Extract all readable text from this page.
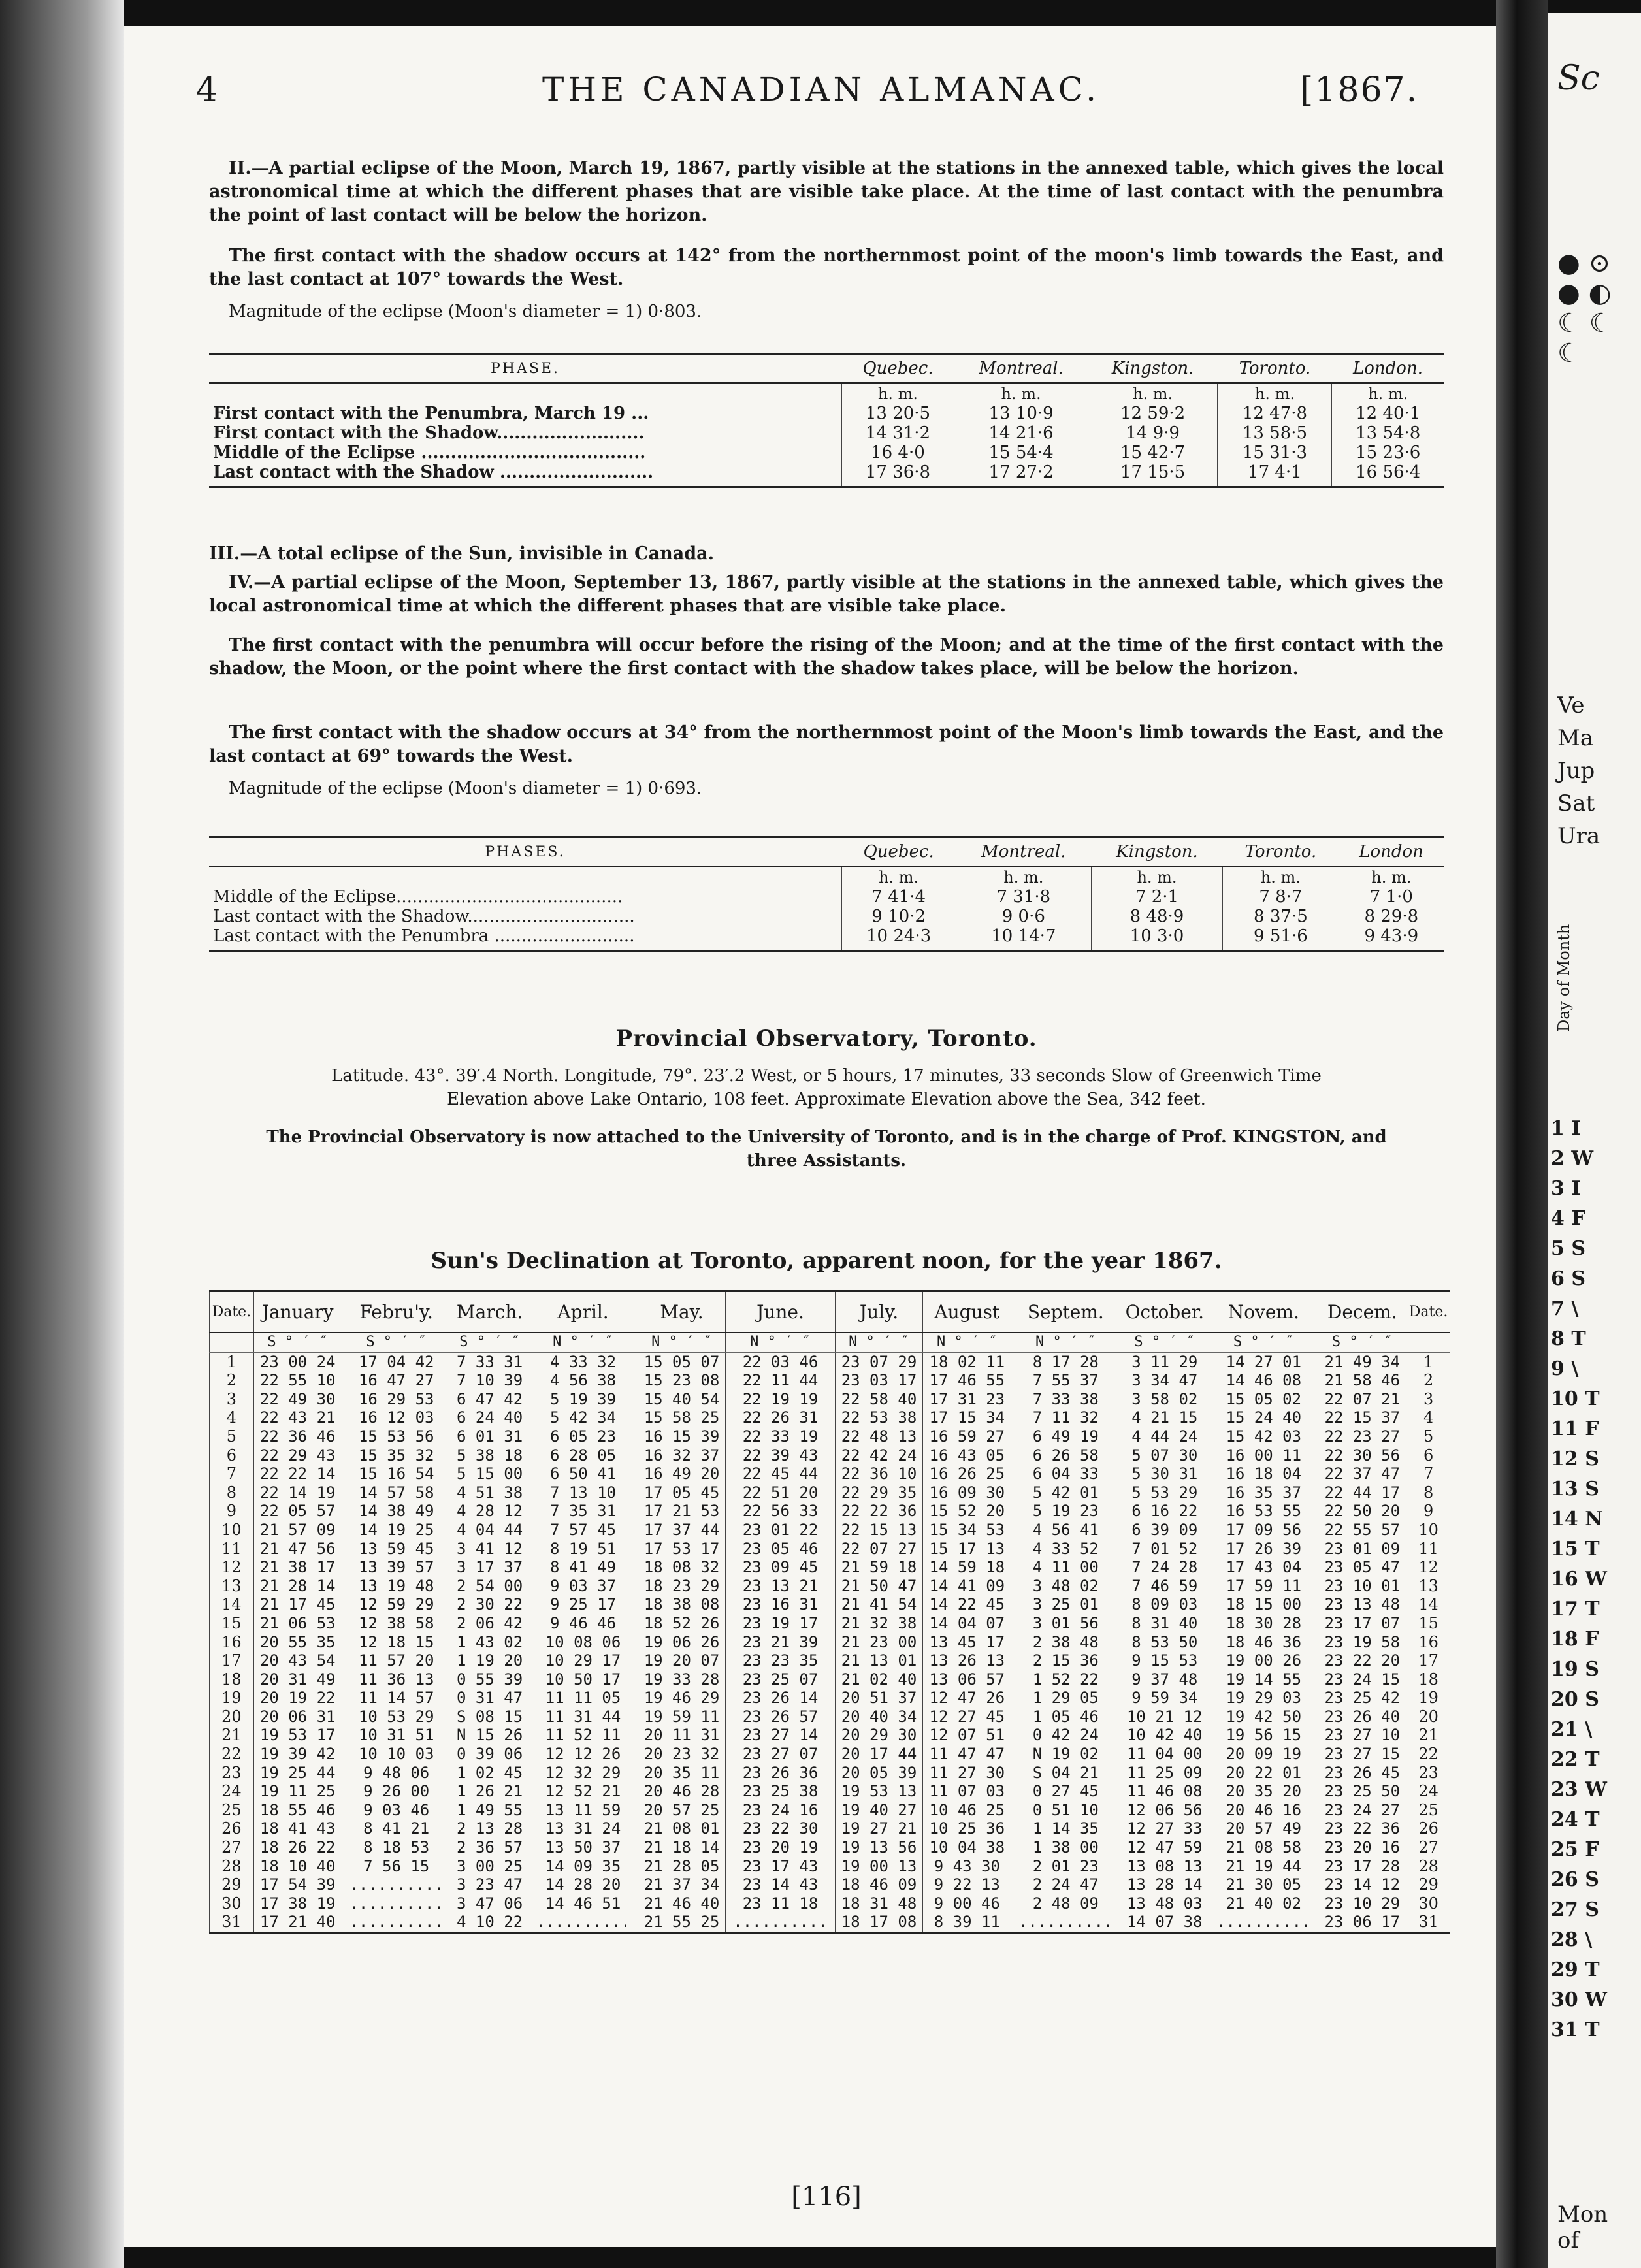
4	THE CANADIAN ALMANAC.	[1867.
II.—A partial eclipse of the Moon, March 19, 1867, partly visible at the stations in the annexed table, which gives the local astronomical time at which the different phases that are visible take place. At the time of last contact with the penumbra the point of last contact will be below the horizon.
The first contact with the shadow occurs at 142° from the northernmost point of the moon's limb towards the East, and the last contact at 107° towards the West.
Magnitude of the eclipse (Moon's diameter = 1) 0·803.
PHASE.	Quebec.	Montreal.	Kingston.	Toronto.	London.
	h. m.	h. m.	h. m.	h. m.	h. m.
First contact with the Penumbra, March 19 ...	13 20·5	13 10·9	12 59·2	12 47·8	12 40·1
First contact with the Shadow.........................	14 31·2	14 21·6	14 9·9	13 58·5	13 54·8
Middle of the Eclipse ......................................	16 4·0	15 54·4	15 42·7	15 31·3	15 23·6
Last contact with the Shadow ..........................	17 36·8	17 27·2	17 15·5	17 4·1	16 56·4
III.—A total eclipse of the Sun, invisible in Canada.
IV.—A partial eclipse of the Moon, September 13, 1867, partly visible at the stations in the annexed table, which gives the local astronomical time at which the different phases that are visible take place.
The first contact with the penumbra will occur before the rising of the Moon; and at the time of the first contact with the shadow, the Moon, or the point where the first contact with the shadow takes place, will be below the horizon.
The first contact with the shadow occurs at 34° from the northernmost point of the Moon's limb towards the East, and the last contact at 69° towards the West.
Magnitude of the eclipse (Moon's diameter = 1) 0·693.
PHASES.	Quebec.	Montreal.	Kingston.	Toronto.	London
	h. m.	h. m.	h. m.	h. m.	h. m.
Middle of the Eclipse..........................................	7 41·4	7 31·8	7 2·1	7 8·7	7 1·0
Last contact with the Shadow...............................	9 10·2	9 0·6	8 48·9	8 37·5	8 29·8
Last contact with the Penumbra ..........................	10 24·3	10 14·7	10 3·0	9 51·6	9 43·9
Provincial Observatory, Toronto.
Latitude. 43°. 39′.4 North. Longitude, 79°. 23′.2 West, or 5 hours, 17 minutes, 33 seconds Slow of Greenwich Time
Elevation above Lake Ontario, 108 feet. Approximate Elevation above the Sea, 342 feet.
The Provincial Observatory is now attached to the University of Toronto, and is in the charge of Prof. KINGSTON, and
three Assistants.
Sun's Declination at Toronto, apparent noon, for the year 1867.
Date.	January	Febru'y.	March.	April.	May.	June.	July.	August	Septem.	October.	Novem.	Decem.	Date.
	S ° ′ ″	S ° ′ ″	S ° ′ ″	N ° ′ ″	N ° ′ ″	N ° ′ ″	N ° ′ ″	N ° ′ ″	N ° ′ ″	S ° ′ ″	S ° ′ ″	S ° ′ ″	
1	23 00 24	17 04 42	7 33 31	4 33 32	15 05 07	22 03 46	23 07 29	18 02 11	8 17 28	3 11 29	14 27 01	21 49 34	1
2	22 55 10	16 47 27	7 10 39	4 56 38	15 23 08	22 11 44	23 03 17	17 46 55	7 55 37	3 34 47	14 46 08	21 58 46	2
3	22 49 30	16 29 53	6 47 42	5 19 39	15 40 54	22 19 19	22 58 40	17 31 23	7 33 38	3 58 02	15 05 02	22 07 21	3
4	22 43 21	16 12 03	6 24 40	5 42 34	15 58 25	22 26 31	22 53 38	17 15 34	7 11 32	4 21 15	15 24 40	22 15 37	4
5	22 36 46	15 53 56	6 01 31	6 05 23	16 15 39	22 33 19	22 48 13	16 59 27	6 49 19	4 44 24	15 42 03	22 23 27	5
6	22 29 43	15 35 32	5 38 18	6 28 05	16 32 37	22 39 43	22 42 24	16 43 05	6 26 58	5 07 30	16 00 11	22 30 56	6
7	22 22 14	15 16 54	5 15 00	6 50 41	16 49 20	22 45 44	22 36 10	16 26 25	6 04 33	5 30 31	16 18 04	22 37 47	7
8	22 14 19	14 57 58	4 51 38	7 13 10	17 05 45	22 51 20	22 29 35	16 09 30	5 42 01	5 53 29	16 35 37	22 44 17	8
9	22 05 57	14 38 49	4 28 12	7 35 31	17 21 53	22 56 33	22 22 36	15 52 20	5 19 23	6 16 22	16 53 55	22 50 20	9
10	21 57 09	14 19 25	4 04 44	7 57 45	17 37 44	23 01 22	22 15 13	15 34 53	4 56 41	6 39 09	17 09 56	22 55 57	10
11	21 47 56	13 59 45	3 41 12	8 19 51	17 53 17	23 05 46	22 07 27	15 17 13	4 33 52	7 01 52	17 26 39	23 01 09	11
12	21 38 17	13 39 57	3 17 37	8 41 49	18 08 32	23 09 45	21 59 18	14 59 18	4 11 00	7 24 28	17 43 04	23 05 47	12
13	21 28 14	13 19 48	2 54 00	9 03 37	18 23 29	23 13 21	21 50 47	14 41 09	3 48 02	7 46 59	17 59 11	23 10 01	13
14	21 17 45	12 59 29	2 30 22	9 25 17	18 38 08	23 16 31	21 41 54	14 22 45	3 25 01	8 09 03	18 15 00	23 13 48	14
15	21 06 53	12 38 58	2 06 42	9 46 46	18 52 26	23 19 17	21 32 38	14 04 07	3 01 56	8 31 40	18 30 28	23 17 07	15
16	20 55 35	12 18 15	1 43 02	10 08 06	19 06 26	23 21 39	21 23 00	13 45 17	2 38 48	8 53 50	18 46 36	23 19 58	16
17	20 43 54	11 57 20	1 19 20	10 29 17	19 20 07	23 23 35	21 13 01	13 26 13	2 15 36	9 15 53	19 00 26	23 22 20	17
18	20 31 49	11 36 13	0 55 39	10 50 17	19 33 28	23 25 07	21 02 40	13 06 57	1 52 22	9 37 48	19 14 55	23 24 15	18
19	20 19 22	11 14 57	0 31 47	11 11 05	19 46 29	23 26 14	20 51 37	12 47 26	1 29 05	9 59 34	19 29 03	23 25 42	19
20	20 06 31	10 53 29	S 08 15	11 31 44	19 59 11	23 26 57	20 40 34	12 27 45	1 05 46	10 21 12	19 42 50	23 26 40	20
21	19 53 17	10 31 51	N 15 26	11 52 11	20 11 31	23 27 14	20 29 30	12 07 51	0 42 24	10 42 40	19 56 15	23 27 10	21
22	19 39 42	10 10 03	0 39 06	12 12 26	20 23 32	23 27 07	20 17 44	11 47 47	N 19 02	11 04 00	20 09 19	23 27 15	22
23	19 25 44	9 48 06	1 02 45	12 32 29	20 35 11	23 26 36	20 05 39	11 27 30	S 04 21	11 25 09	20 22 01	23 26 45	23
24	19 11 25	9 26 00	1 26 21	12 52 21	20 46 28	23 25 38	19 53 13	11 07 03	0 27 45	11 46 08	20 35 20	23 25 50	24
25	18 55 46	9 03 46	1 49 55	13 11 59	20 57 25	23 24 16	19 40 27	10 46 25	0 51 10	12 06 56	20 46 16	23 24 27	25
26	18 41 43	8 41 21	2 13 28	13 31 24	21 08 01	23 22 30	19 27 21	10 25 36	1 14 35	12 27 33	20 57 49	23 22 36	26
27	18 26 22	8 18 53	2 36 57	13 50 37	21 18 14	23 20 19	19 13 56	10 04 38	1 38 00	12 47 59	21 08 58	23 20 16	27
28	18 10 40	7 56 15	3 00 25	14 09 35	21 28 05	23 17 43	19 00 13	9 43 30	2 01 23	13 08 13	21 19 44	23 17 28	28
29	17 54 39	..........	3 23 47	14 28 20	21 37 34	23 14 43	18 46 09	9 22 13	2 24 47	13 28 14	21 30 05	23 14 12	29
30	17 38 19	..........	3 47 06	14 46 51	21 46 40	23 11 18	18 31 48	9 00 46	2 48 09	13 48 03	21 40 02	23 10 29	30
31	17 21 40	..........	4 10 22	..........	21 55 25	..........	18 17 08	8 39 11	..........	14 07 38	..........	23 06 17	31
[116]
Sc
● ⊙ ● ◐ ☾ ☾ ☾
Ve
Ma
Jup
Sat
Ura
Day of Month
1 I
2 W
3 I
4 F
5 S
6 S
7 \
8 T
9 \
10 T
11 F
12 S
13 S
14 N
15 T
16 W
17 T
18 F
19 S
20 S
21 \
22 T
23 W
24 T
25 F
26 S
27 S
28 \
29 T
30 W
31 T
Mon
of
